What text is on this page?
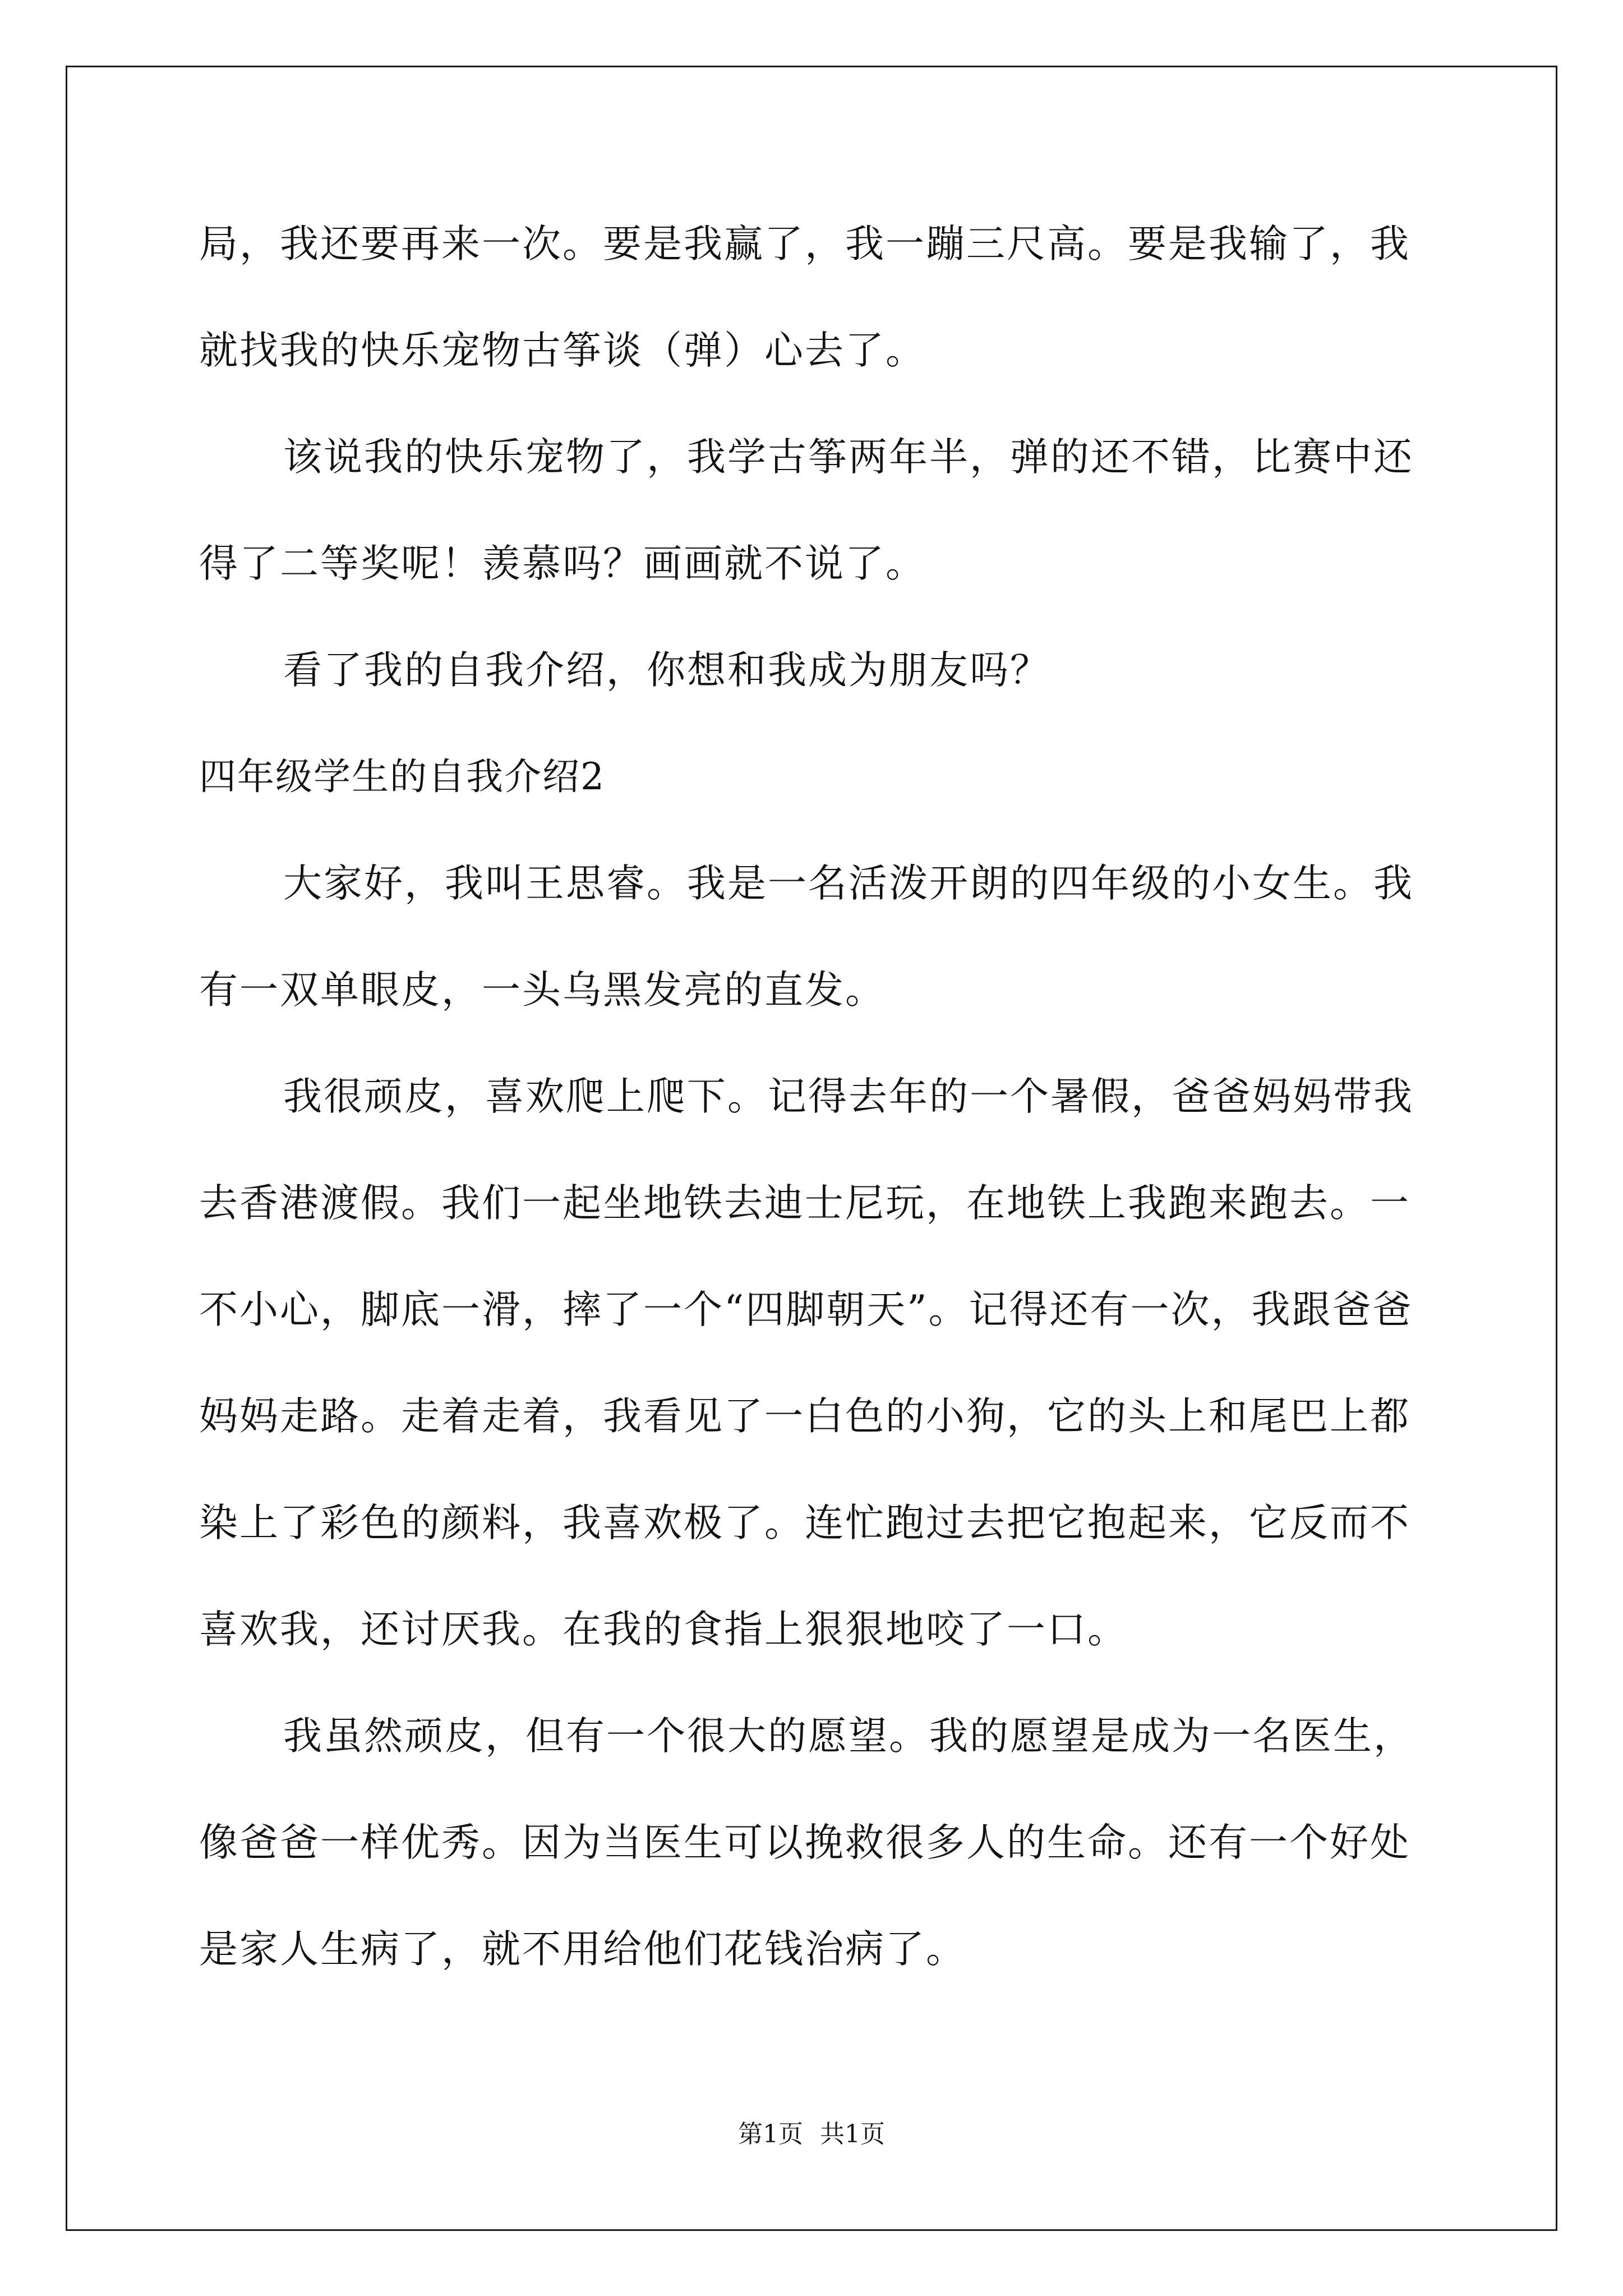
局，我还要再来一次。要是我赢了，我一蹦三尺高。要是我输了，我
就找我的快乐宠物古筝谈（弹）心去了。
该说我的快乐宠物了，我学古筝两年半，弹的还不错，比赛中还
得了二等奖呢！羡慕吗？画画就不说了。
看了我的自我介绍，你想和我成为朋友吗？
四年级学生的自我介绍2
大家好，我叫王思睿。我是一名活泼开朗的四年级的小女生。我
有一双单眼皮，一头乌黑发亮的直发。
我很顽皮，喜欢爬上爬下。记得去年的一个暑假，爸爸妈妈带我
去香港渡假。我们一起坐地铁去迪士尼玩，在地铁上我跑来跑去。一
不小心，脚底一滑，摔了一个“四脚朝天”。记得还有一次，我跟爸爸
妈妈走路。走着走着，我看见了一白色的小狗，它的头上和尾巴上都
染上了彩色的颜料，我喜欢极了。连忙跑过去把它抱起来，它反而不
喜欢我，还讨厌我。在我的食指上狠狠地咬了一口。
我虽然顽皮，但有一个很大的愿望。我的愿望是成为一名医生，
像爸爸一样优秀。因为当医生可以挽救很多人的生命。还有一个好处
是家人生病了，就不用给他们花钱治病了。
第1页 共1页
